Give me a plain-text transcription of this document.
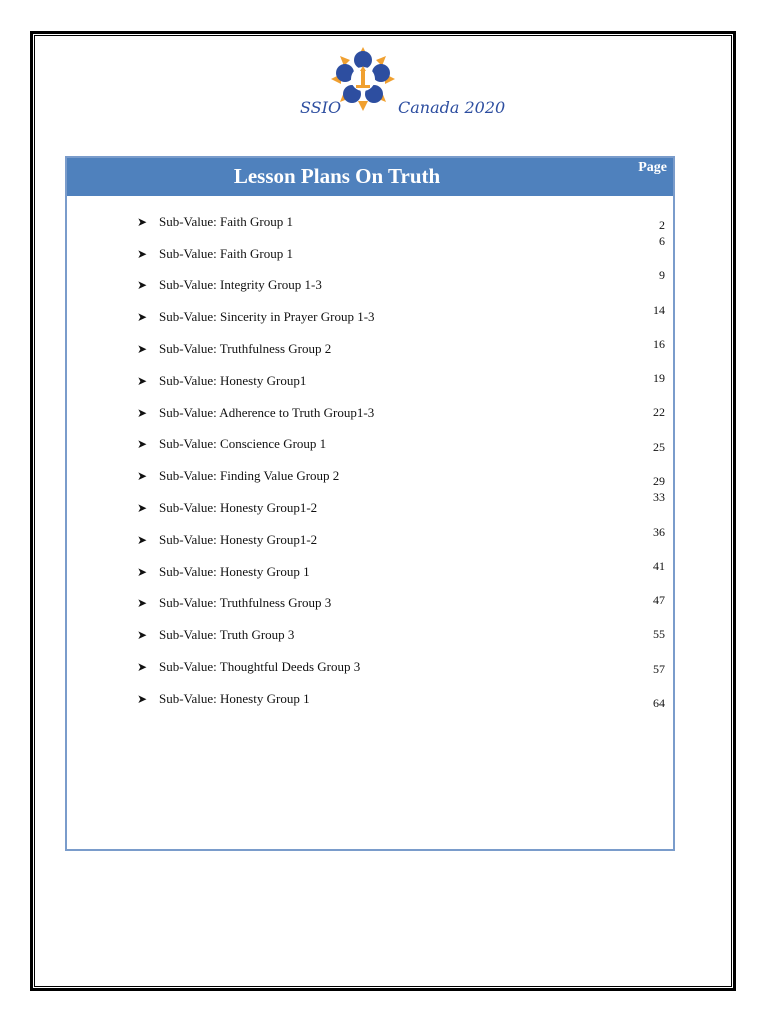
SSIO	Canada 2020
Lesson Plans On Truth	Page
➤ Sub-Value: Faith Group 1
➤ Sub-Value: Faith Group 1
➤ Sub-Value: Integrity Group 1-3
➤ Sub-Value: Sincerity in Prayer Group 1-3
➤ Sub-Value: Truthfulness Group 2
➤ Sub-Value: Honesty Group1
➤ Sub-Value: Adherence to Truth Group1-3
➤ Sub-Value: Conscience Group 1
➤ Sub-Value: Finding Value Group 2
➤ Sub-Value: Honesty Group1-2
➤ Sub-Value: Honesty Group1-2
➤ Sub-Value: Honesty Group 1
➤ Sub-Value: Truthfulness Group 3
➤ Sub-Value: Truth Group 3
➤ Sub-Value: Thoughtful Deeds Group 3
➤ Sub-Value: Honesty Group 1
2
6
9
14
16
19
22
25
29
33
36
41
47
55
57
64
